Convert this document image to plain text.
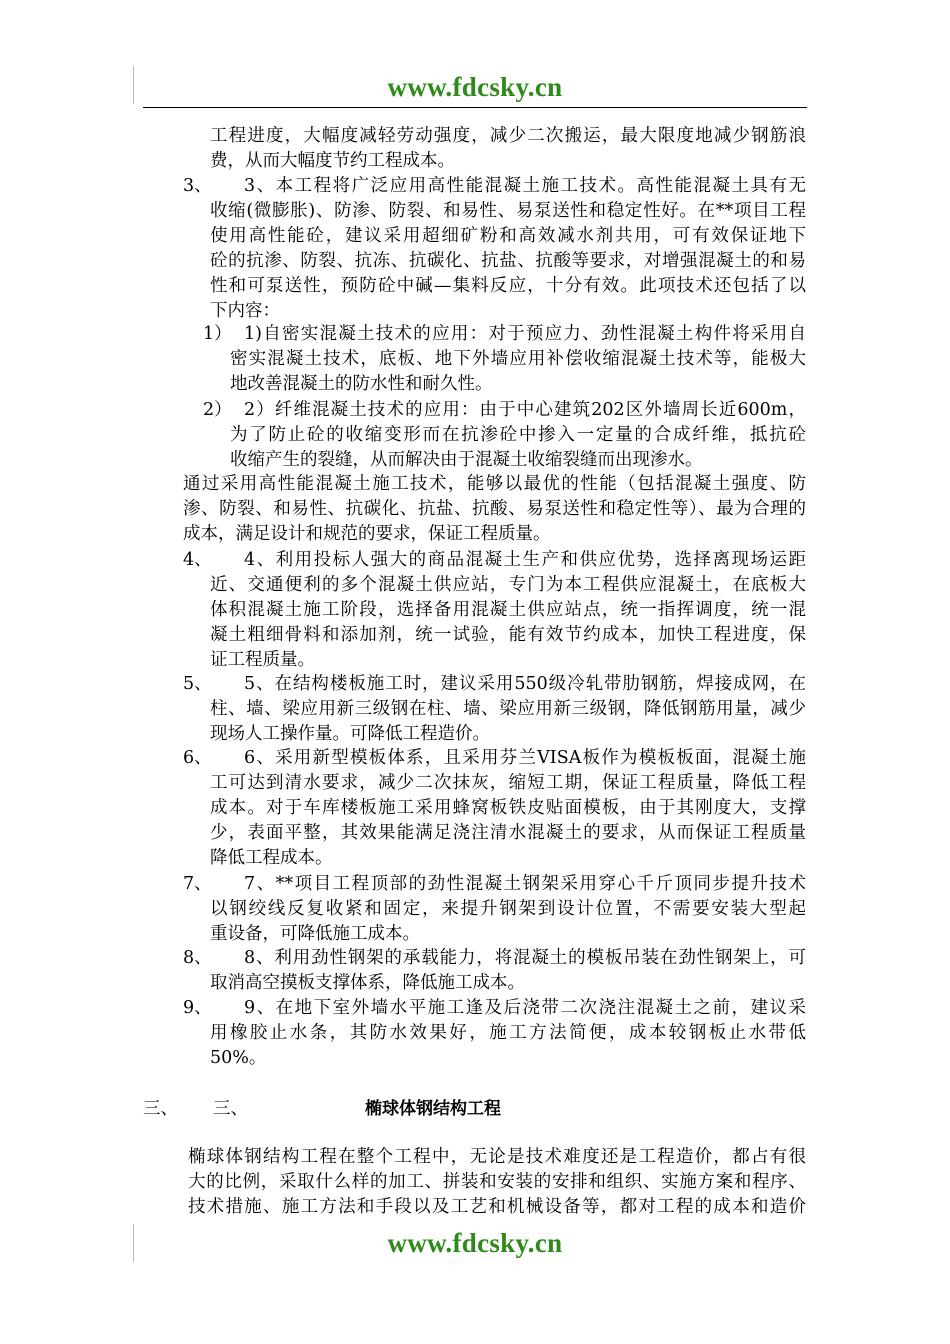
www.fdcsky.cn
工程进度，大幅度减轻劳动强度，减少二次搬运，最大限度地减少钢筋浪
费，从而大幅度节约工程成本。
3、 3、本工程将广泛应用高性能混凝土施工技术。高性能混凝土具有无
收缩(微膨胀)、防渗、防裂、和易性、易泵送性和稳定性好。在**项目工程
使用高性能砼，建议采用超细矿粉和高效减水剂共用，可有效保证地下
砼的抗渗、防裂、抗冻、抗碳化、抗盐、抗酸等要求，对增强混凝土的和易
性和可泵送性，预防砼中碱—集料反应，十分有效。此项技术还包括了以
下内容：
1） 1)自密实混凝土技术的应用：对于预应力、劲性混凝土构件将采用自
密实混凝土技术，底板、地下外墙应用补偿收缩混凝土技术等，能极大
地改善混凝土的防水性和耐久性。
2） 2）纤维混凝土技术的应用：由于中心建筑202区外墙周长近600m，
为了防止砼的收缩变形而在抗渗砼中掺入一定量的合成纤维，抵抗砼
收缩产生的裂缝，从而解决由于混凝土收缩裂缝而出现渗水。
通过采用高性能混凝土施工技术，能够以最优的性能（包括混凝土强度、防
渗、防裂、和易性、抗碳化、抗盐、抗酸、易泵送性和稳定性等）、最为合理的
成本，满足设计和规范的要求，保证工程质量。
4、 4、利用投标人强大的商品混凝土生产和供应优势，选择离现场运距
近、交通便利的多个混凝土供应站，专门为本工程供应混凝土，在底板大
体积混凝土施工阶段，选择备用混凝土供应站点，统一指挥调度，统一混
凝土粗细骨料和添加剂，统一试验，能有效节约成本，加快工程进度，保
证工程质量。
5、 5、在结构楼板施工时，建议采用550级冷轧带肋钢筋，焊接成网，在
柱、墙、梁应用新三级钢在柱、墙、梁应用新三级钢，降低钢筋用量，减少
现场人工操作量。可降低工程造价。
6、 6、采用新型模板体系，且采用芬兰VISA板作为模板板面，混凝土施
工可达到清水要求，减少二次抹灰，缩短工期，保证工程质量，降低工程
成本。对于车库楼板施工采用蜂窝板铁皮贴面模板，由于其刚度大，支撑
少，表面平整，其效果能满足浇注清水混凝土的要求，从而保证工程质量
降低工程成本。
7、 7、**项目工程顶部的劲性混凝土钢架采用穿心千斤顶同步提升技术
以钢绞线反复收紧和固定，来提升钢架到设计位置，不需要安装大型起
重设备，可降低施工成本。
8、 8、利用劲性钢架的承载能力，将混凝土的模板吊装在劲性钢架上，可
取消高空摸板支撑体系，降低施工成本。
9、 9、在地下室外墙水平施工逢及后浇带二次浇注混凝土之前，建议采
用橡胶止水条，其防水效果好，施工方法简便，成本较钢板止水带低
50%。
三、 三、	椭球体钢结构工程
椭球体钢结构工程在整个工程中，无论是技术难度还是工程造价，都占有很
大的比例，采取什么样的加工、拼装和安装的安排和组织、实施方案和程序、
技术措施、施工方法和手段以及工艺和机械设备等，都对工程的成本和造价
www.fdcsky.cn
